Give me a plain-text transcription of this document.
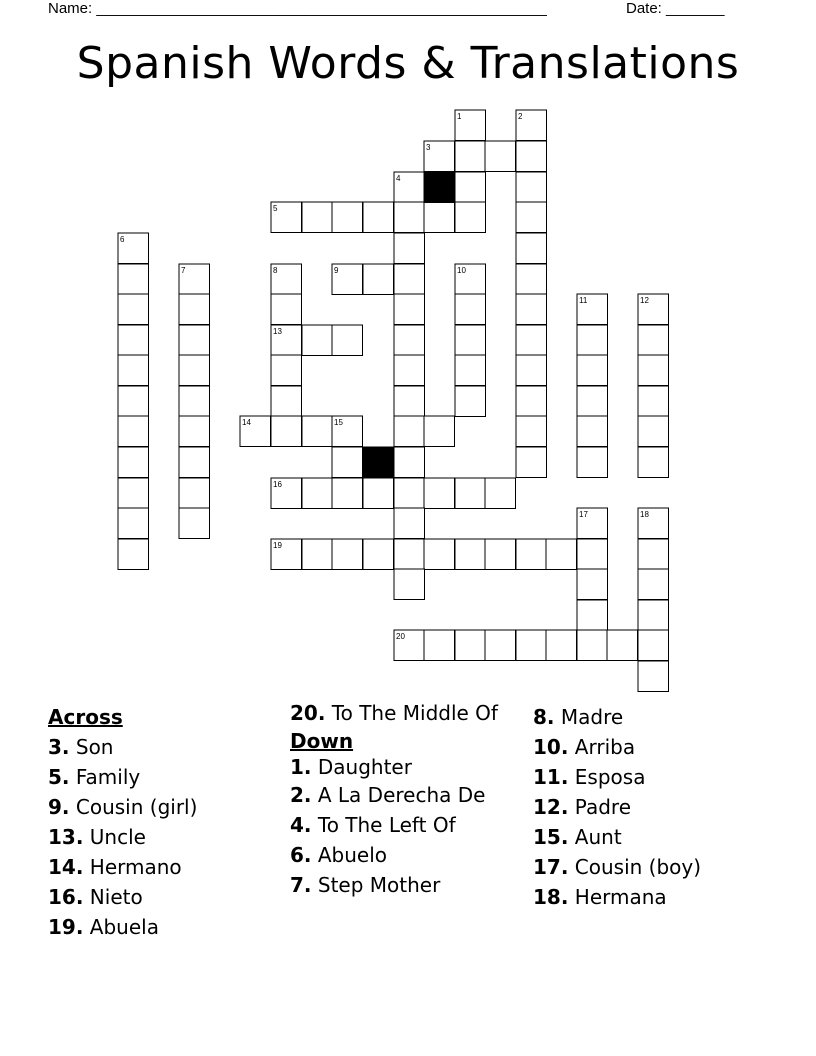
Name: ______________________________________________________	Date: _______
Spanish Words & Translations
1	2
3
4
5
6
7	8	9	10
11	12
13
14	15
16
17	18
19
20
Across
3. Son
5. Family
9. Cousin (girl)
13. Uncle
14. Hermano
16. Nieto
19. Abuela
20. To The Middle Of
Down
1. Daughter
2. A La Derecha De
4. To The Left Of
6. Abuelo
7. Step Mother
8. Madre
10. Arriba
11. Esposa
12. Padre
15. Aunt
17. Cousin (boy)
18. Hermana
